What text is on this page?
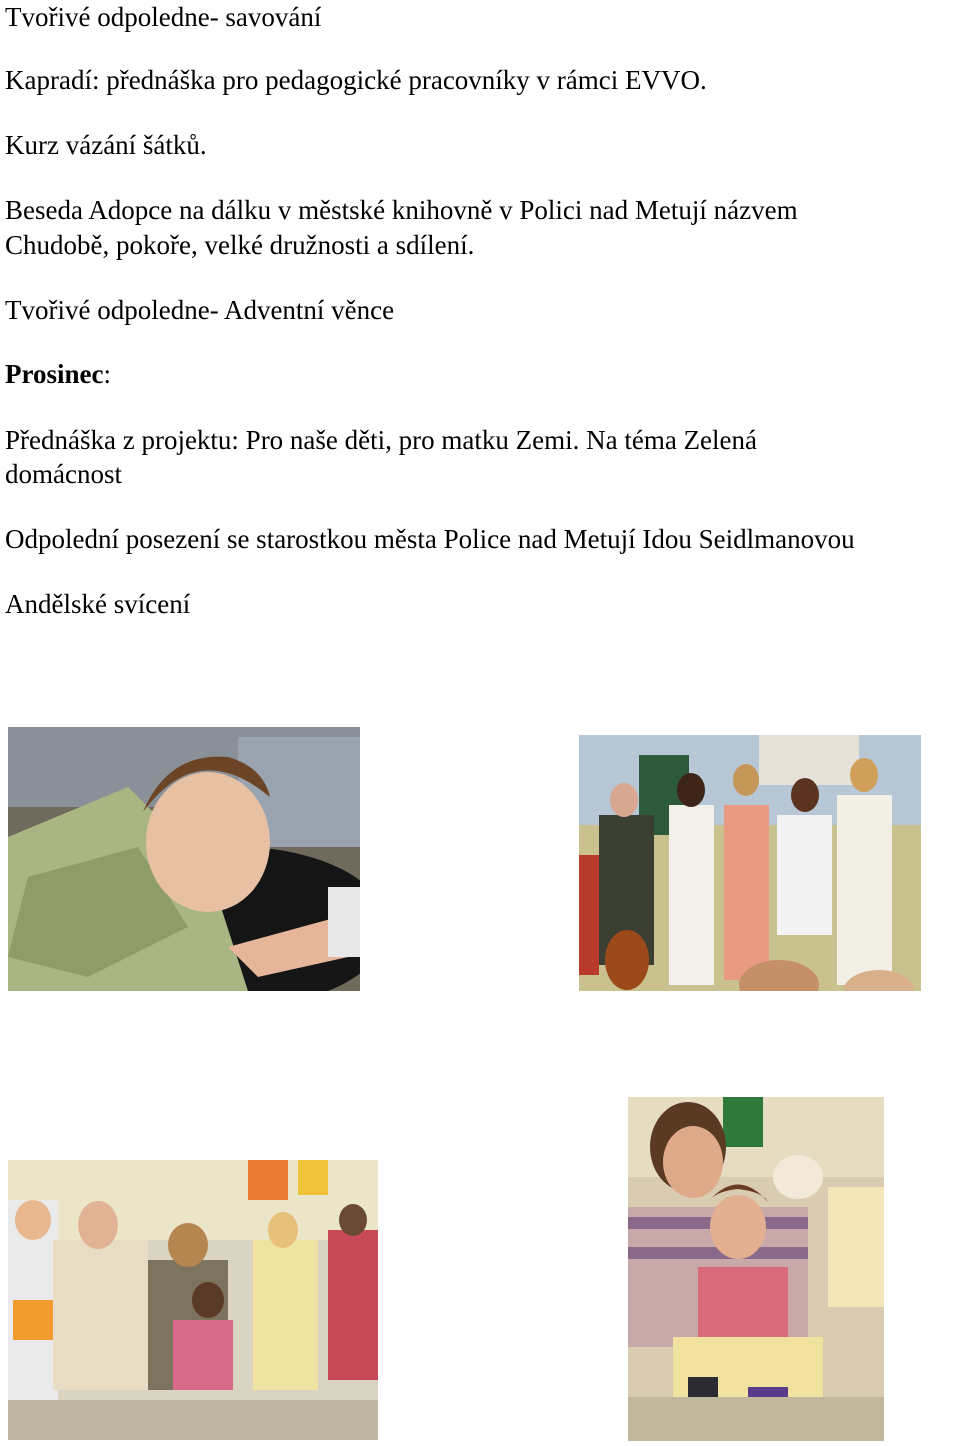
Tvořivé odpoledne- savování

Kapradí: přednáška pro pedagogické pracovníky v rámci EVVO.

Kurz vázání šátků.

Beseda Adopce na dálku v městské knihovně v Polici nad Metují názvem

Chudobě, pokoře, velké družnosti a sdílení.

Tvořivé odpoledne- Adventní věnce

Prosinec:

Přednáška z projektu: Pro naše děti, pro matku Zemi. Na téma Zelená

domácnost

Odpolední posezení se starostkou města Police nad Metují Idou Seidlmanovou

Andělské svícení
